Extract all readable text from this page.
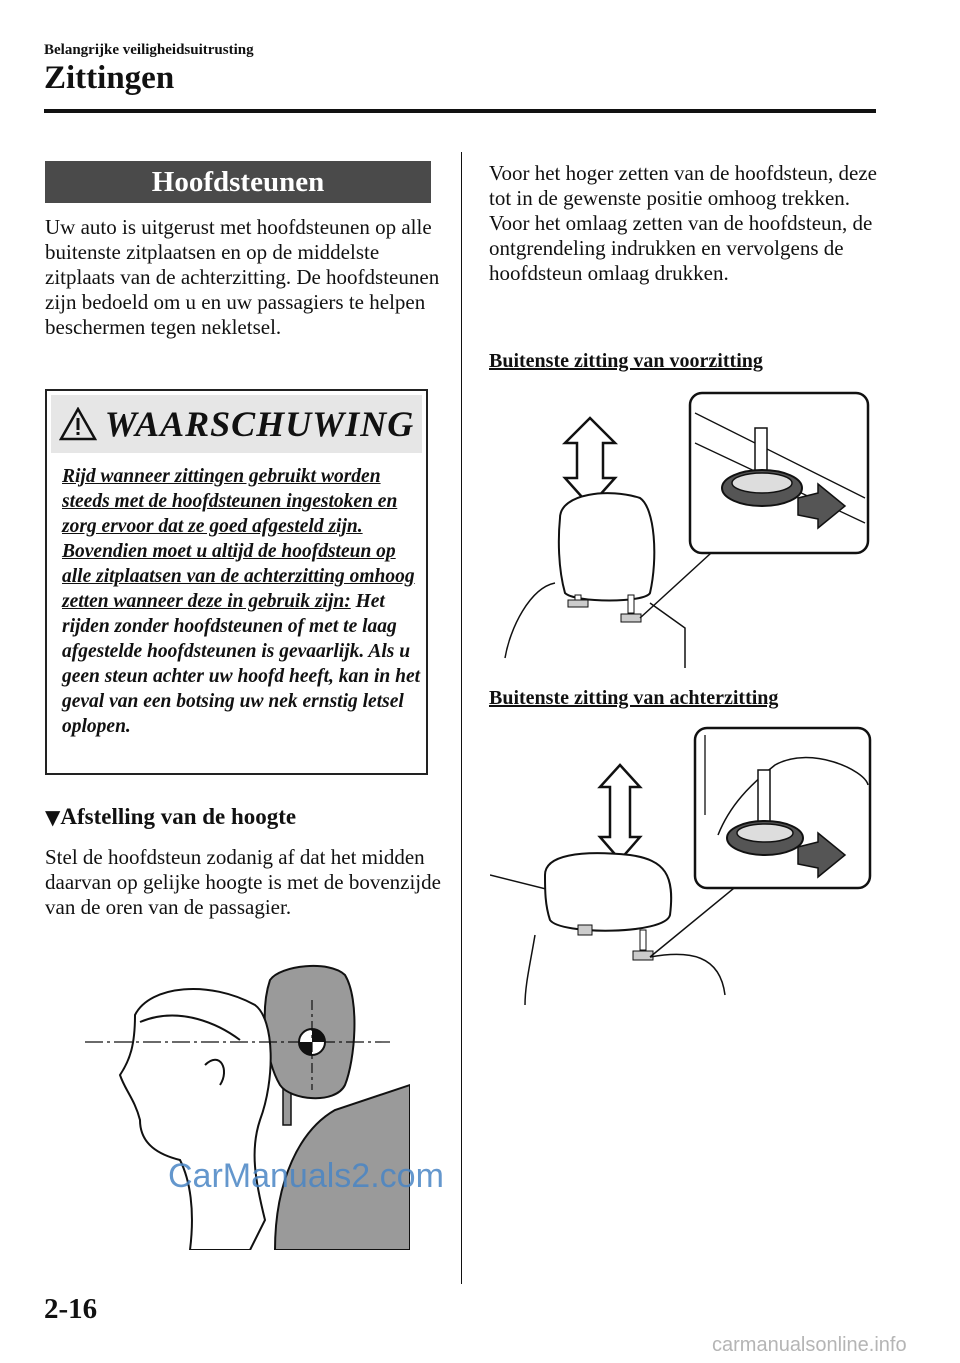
Belangrijke veiligheidsuitrusting
Zittingen
Hoofdsteunen
Uw auto is uitgerust met hoofdsteunen op alle buitenste zitplaatsen en op de middelste zitplaats van de achterzitting. De hoofdsteunen zijn bedoeld om u en uw passagiers te helpen beschermen tegen nekletsel.
WAARSCHUWING
Rijd wanneer zittingen gebruikt worden steeds met de hoofdsteunen ingestoken en zorg ervoor dat ze goed afgesteld zijn. Bovendien moet u altijd de hoofdsteun op alle zitplaatsen van de achterzitting omhoog zetten wanneer deze in gebruik zijn: Het rijden zonder hoofdsteunen of met te laag afgestelde hoofdsteunen is gevaarlijk. Als u geen steun achter uw hoofd heeft, kan in het geval van een botsing uw nek ernstig letsel oplopen.
▼Afstelling van de hoogte
Stel de hoofdsteun zodanig af dat het midden daarvan op gelijke hoogte is met de bovenzijde van de oren van de passagier.
CarManuals2.com
Voor het hoger zetten van de hoofdsteun, deze tot in de gewenste positie omhoog trekken. Voor het omlaag zetten van de hoofdsteun, de ontgrendeling indrukken en vervolgens de hoofdsteun omlaag drukken.
Buitenste zitting van voorzitting
Buitenste zitting van achterzitting
2-16
carmanualsonline.info
